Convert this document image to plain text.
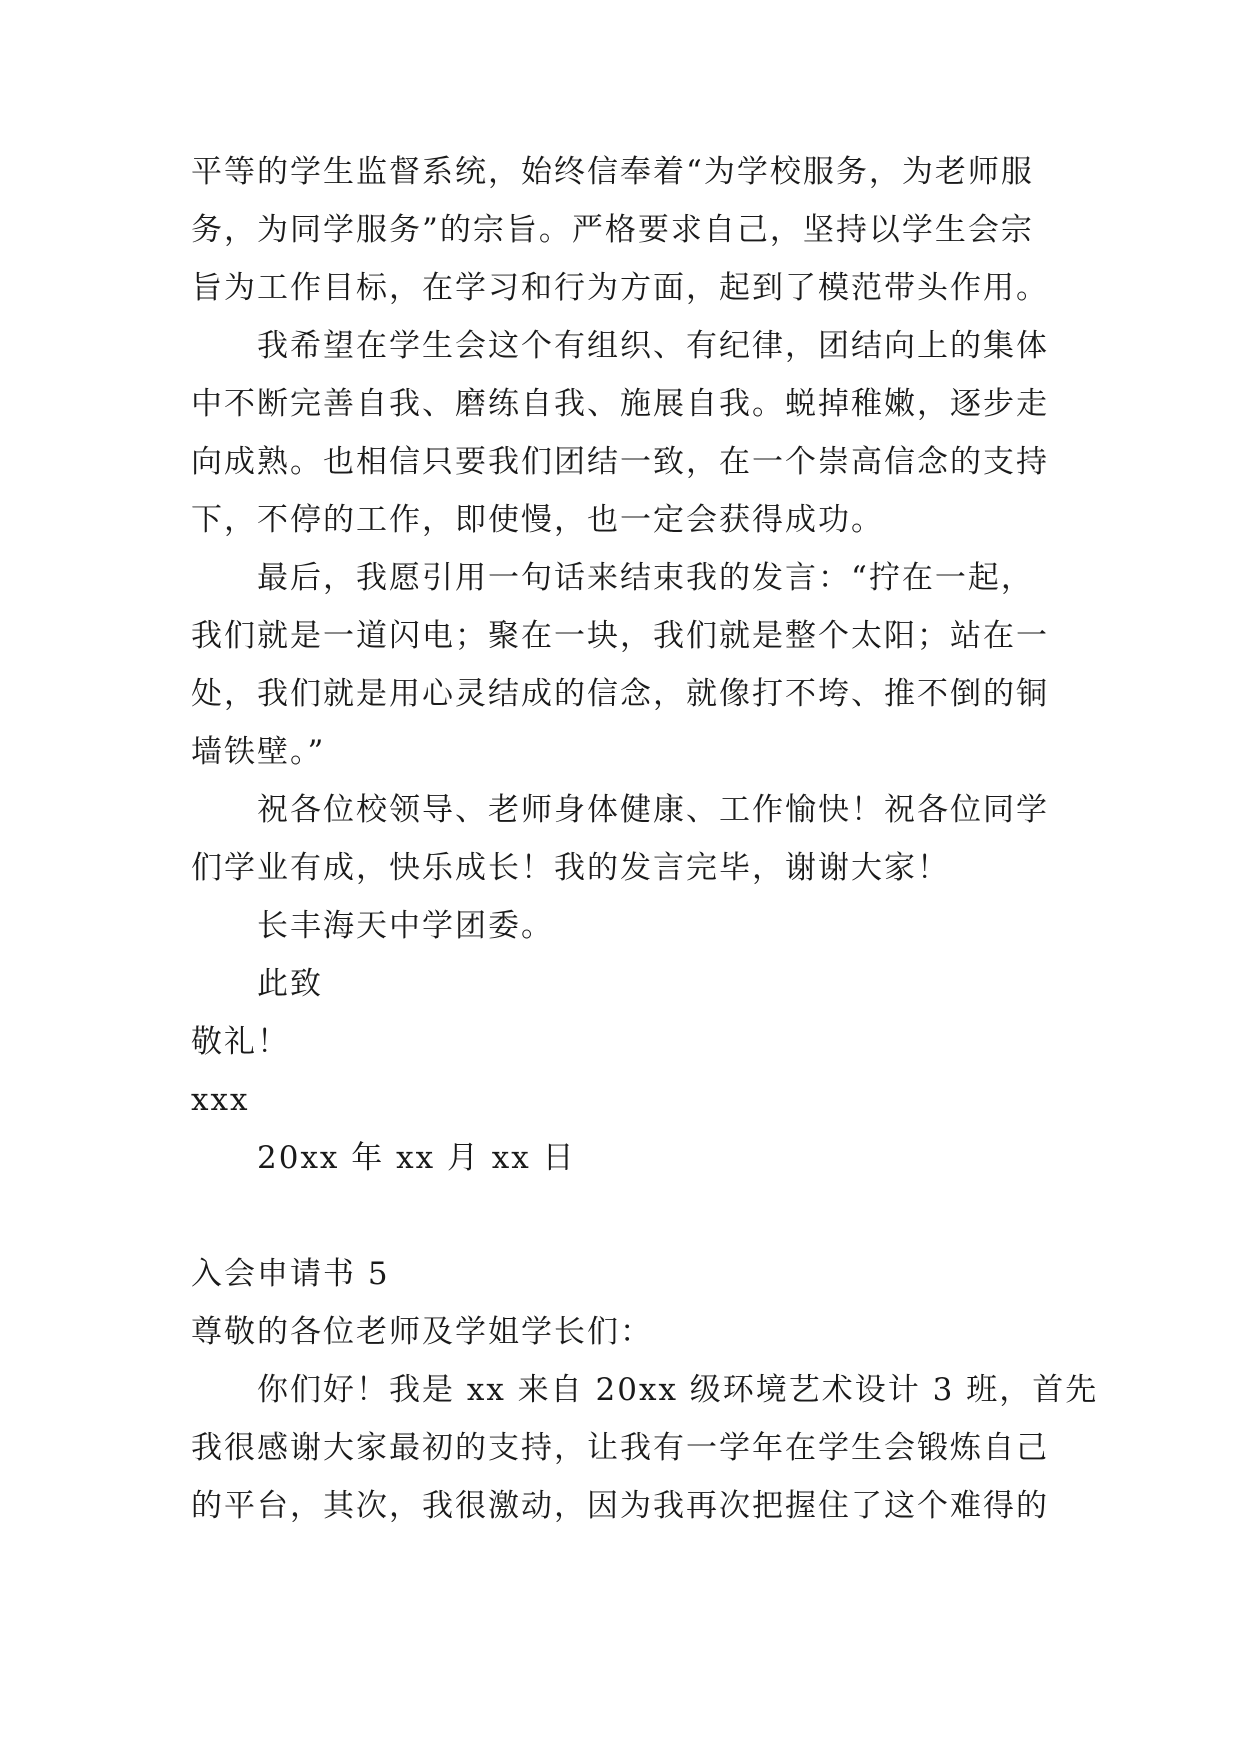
平等的学生监督系统，始终信奉着“为学校服务，为老师服
务，为同学服务”的宗旨。严格要求自己，坚持以学生会宗
旨为工作目标，在学习和行为方面，起到了模范带头作用。
我希望在学生会这个有组织、有纪律，团结向上的集体
中不断完善自我、磨练自我、施展自我。蜕掉稚嫩，逐步走
向成熟。也相信只要我们团结一致，在一个崇高信念的支持
下，不停的工作，即使慢，也一定会获得成功。
最后，我愿引用一句话来结束我的发言：“拧在一起，
我们就是一道闪电；聚在一块，我们就是整个太阳；站在一
处，我们就是用心灵结成的信念，就像打不垮、推不倒的铜
墙铁壁。”
祝各位校领导、老师身体健康、工作愉快！祝各位同学
们学业有成，快乐成长！我的发言完毕，谢谢大家！
长丰海天中学团委。
此致
敬礼！
xxx
20xx 年 xx 月 xx 日
入会申请书 5
尊敬的各位老师及学姐学长们：
你们好！我是 xx 来自 20xx 级环境艺术设计 3 班，首先
我很感谢大家最初的支持，让我有一学年在学生会锻炼自己
的平台，其次，我很激动，因为我再次把握住了这个难得的
